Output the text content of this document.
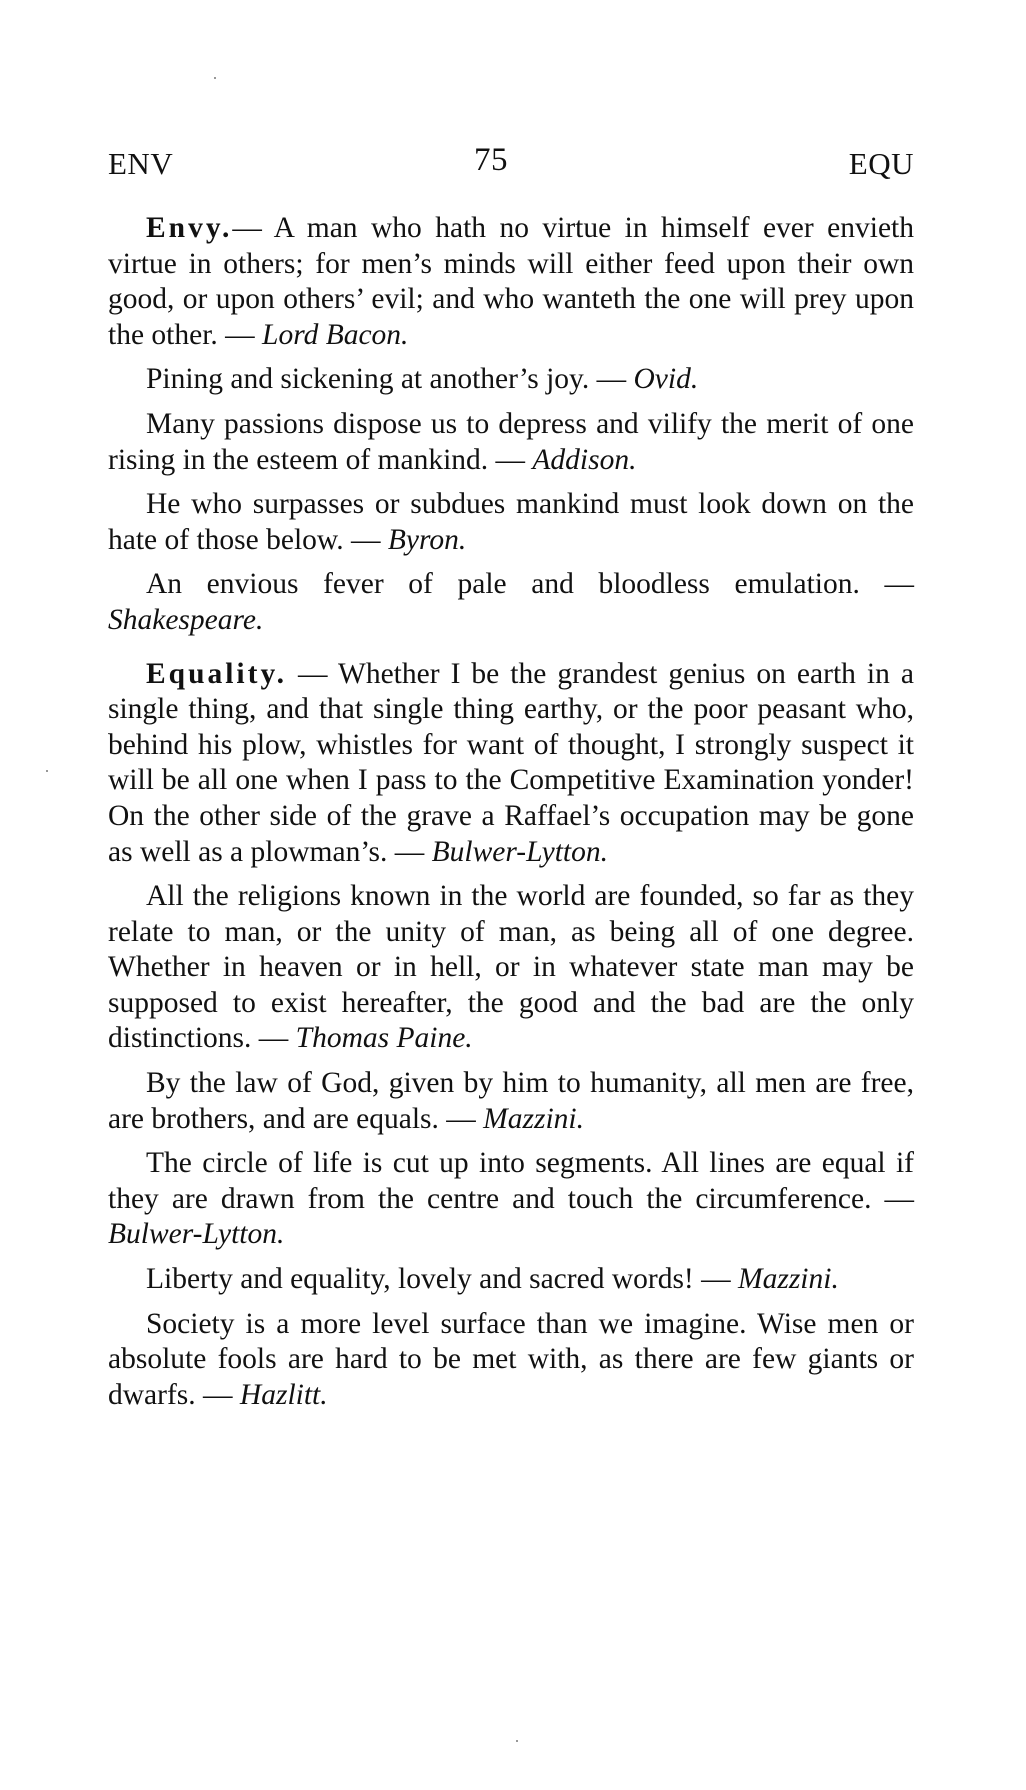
ENV	75	EQU

Envy.— A man who hath no virtue in himself ever envieth virtue in others; for men’s minds will either feed upon their own good, or upon others’ evil; and who wanteth the one will prey upon the other. — Lord Bacon.

Pining and sickening at another’s joy. — Ovid.

Many passions dispose us to depress and vilify the merit of one rising in the esteem of mankind. — Addison.

He who surpasses or subdues mankind must look down on the hate of those below. — Byron.

An envious fever of pale and bloodless emulation. — Shakespeare.

Equality. — Whether I be the grandest genius on earth in a single thing, and that single thing earthy, or the poor peasant who, behind his plow, whistles for want of thought, I strongly suspect it will be all one when I pass to the Competitive Examination yonder! On the other side of the grave a Raffael’s occupation may be gone as well as a plowman’s. — Bulwer-Lytton.

All the religions known in the world are founded, so far as they relate to man, or the unity of man, as being all of one degree. Whether in heaven or in hell, or in whatever state man may be supposed to exist hereafter, the good and the bad are the only distinctions. — Thomas Paine.

By the law of God, given by him to humanity, all men are free, are brothers, and are equals. — Mazzini.

The circle of life is cut up into segments. All lines are equal if they are drawn from the centre and touch the circumference. — Bulwer-Lytton.

Liberty and equality, lovely and sacred words! — Mazzini.

Society is a more level surface than we imagine. Wise men or absolute fools are hard to be met with, as there are few giants or dwarfs. — Hazlitt.
